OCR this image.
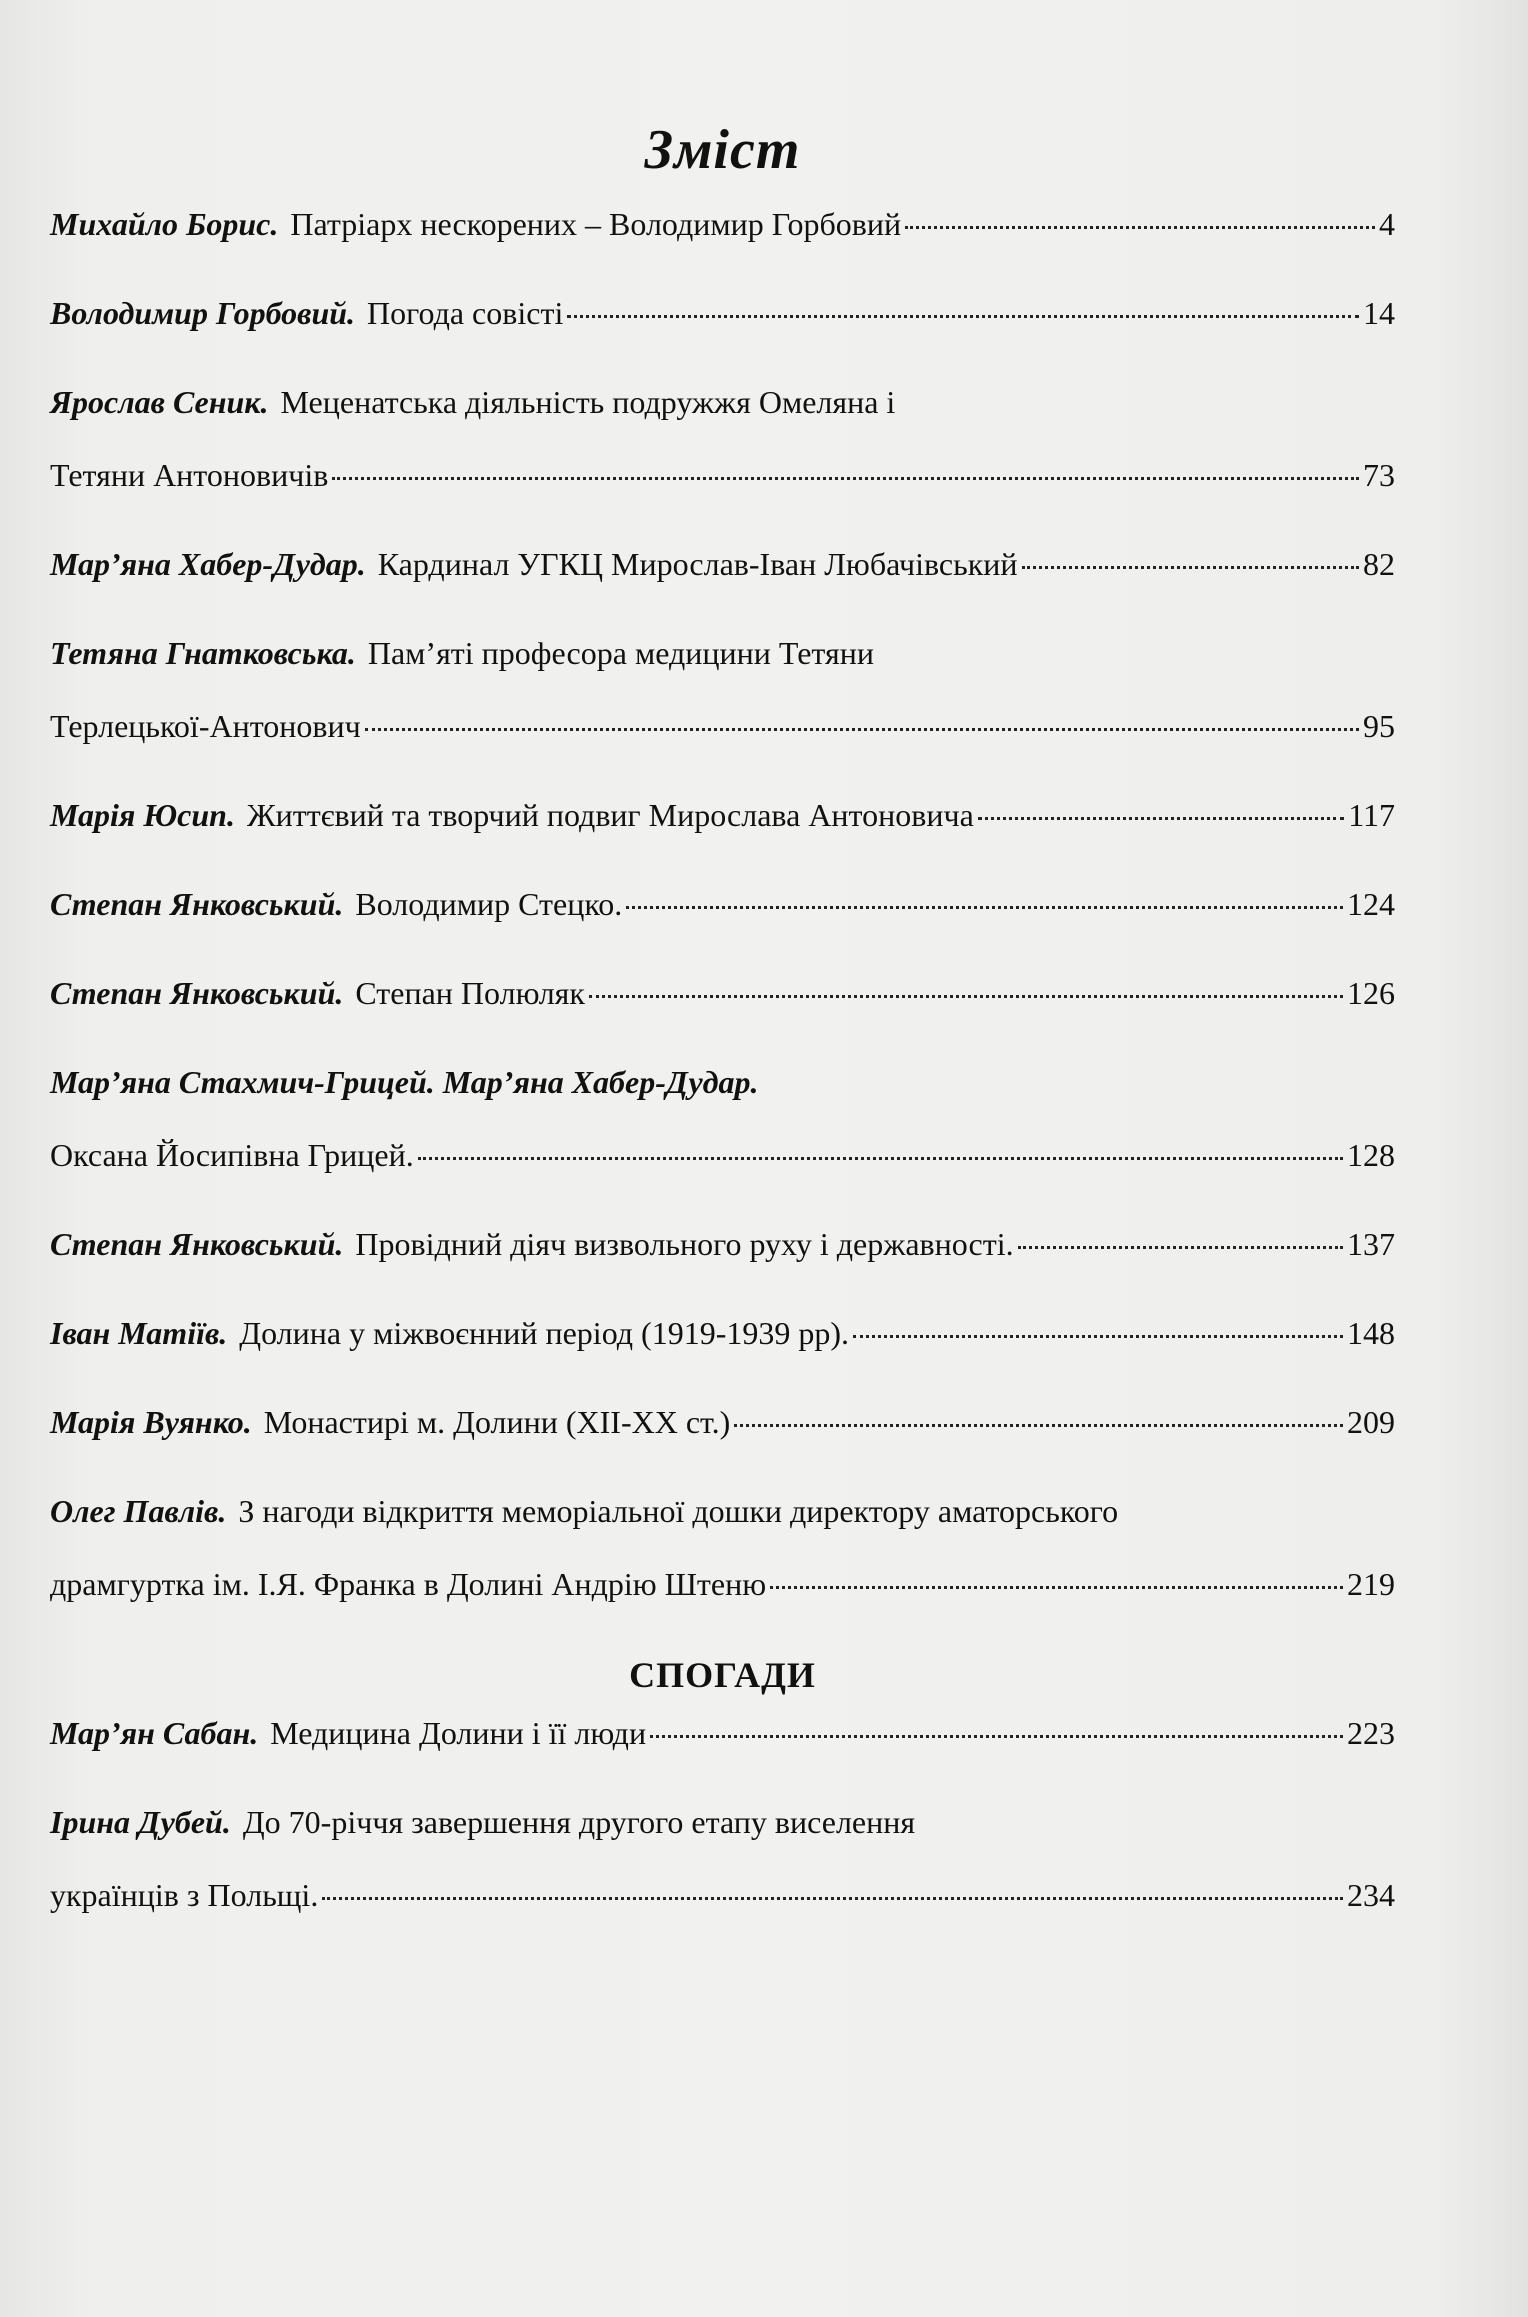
Зміст
Михайло Борис. Патріарх нескорених – Володимир Горбовий	4
Володимир Горбовий. Погода совісті	14
Ярослав Сеник. Меценатська діяльність подружжя Омеляна і
Тетяни Антоновичів	73
Мар’яна Хабер-Дудар. Кардинал УГКЦ Мирослав-Іван Любачівський	82
Тетяна Гнатковська. Пам’яті професора медицини Тетяни
Терлецької-Антонович	95
Марія Юсип. Життєвий та творчий подвиг Мирослава Антоновича	117
Степан Янковський. Володимир Стецко.	124
Степан Янковський. Степан Полюляк	126
Мар’яна Стахмич-Грицей. Мар’яна Хабер-Дудар.
Оксана Йосипівна Грицей.	128
Степан Янковський. Провідний діяч визвольного руху і державності.	137
Іван Матіїв. Долина у міжвоєнний період (1919-1939 рр).	148
Марія Вуянко. Монастирі м. Долини (XII-XX ст.)	209
Олег Павлів. З нагоди відкриття меморіальної дошки директору аматорського
драмгуртка ім. І.Я. Франка в Долині Андрію Штеню	219
СПОГАДИ
Мар’ян Сабан. Медицина Долини і її люди	223
Ірина Дубей. До 70-річчя завершення другого етапу виселення
українців з Польщі.	234
